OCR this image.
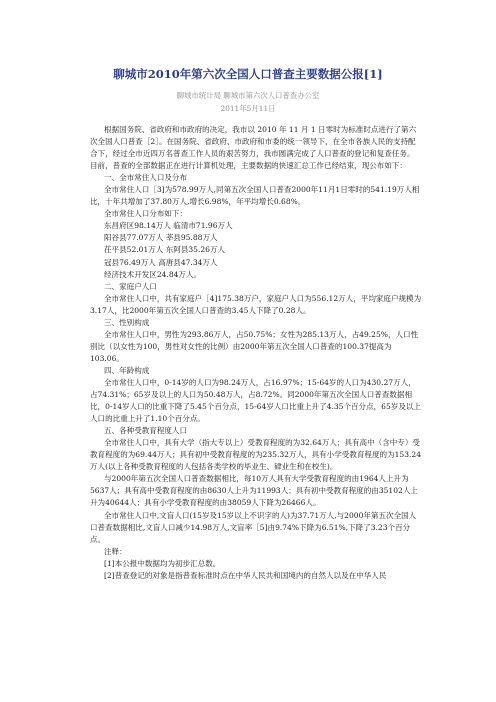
聊城市2010年第六次全国人口普查主要数据公报[1]
聊城市统计局 聊城市第六次人口普查办公室
2011年5月11日

根据国务院、省政府和市政府的决定，我市以 2010 年 11 月 1 日零时为标准时点进行了第六次全国人口普查［2］。在国务院、省政府、市政府和市委的统一领导下，在全市各族人民的支持配合下，经过全市近四万名普查工作人员的艰苦努力，我市圆满完成了人口普查的登记和复查任务。目前，普查的全部数据正在进行计算机处理，主要数据的快速汇总工作已经结束，现公布如下：

一、全市常住人口及分布

全市常住人口［3]为578.99万人,同第五次全国人口普查2000年11月1日零时的541.19万人相比，十年共增加了37.80万人,增长6.98%，年平均增长0.68%。

全市常住人口分布如下：

东昌府区98.14万人 临清市71.96万人

阳谷县77.07万人 莘县95.88万人

茌平县52.01万人 东阿县35.26万人

冠县76.49万人 高唐县47.34万人

经济技术开发区24.84万人。

二、家庭户人口

全市常住人口中，共有家庭户［4]175.38万户，家庭户人口为556.12万人，平均家庭户规模为3.17人，比2000年第五次全国人口普查的3.45人下降了0.28人。

三、性别构成

全市常住人口中，男性为293.86万人，占50.75%；女性为285.13万人，占49.25%，人口性别比（以女性为100，男性对女性的比例）由2000年第五次全国人口普查的100.37提高为103.06。

四、年龄构成

全市常住人口中，0-14岁的人口为98.24万人，占16.97%；15-64岁的人口为430.27万人，占74.31%；65岁及以上的人口为50.48万人，占8.72%。同2000年第五次全国人口普查数据相比，0-14岁人口的比重下降了5.45个百分点，15-64岁人口比重上升了4.35个百分点，65岁及以上人口的比重上升了1.10个百分点。

五、各种受教育程度人口

全市常住人口中，具有大学（指大专以上）受教育程度的为32.64万人；具有高中（含中专）受教育程度的为69.44万人；具有初中受教育程度的为235.32万人，具有小学受教育程度的为153.24万人(以上各种受教育程度的人包括各类学校的毕业生、肄业生和在校生)。

与2000年第五次全国人口普查数据相比，每10万人具有大学受教育程度的由1964人上升为5637人；具有高中受教育程度的由8630人上升为11993人；具有初中受教育程度的由35102人上升为40644人；具有小学受教育程度的由38059人下降为26466人。

全市常住人口中,文盲人口(15岁及15岁以上不识字的人)为37.71万人,与2000年第五次全国人口普查数据相比,文盲人口减少14.98万人,文盲率［5]由9.74%下降为6.51%,下降了3.23个百分点。

注释：

[1]本公报中数据均为初步汇总数。

[2]普查登记的对象是指普查标准时点在中华人民共和国境内的自然人以及在中华人民
